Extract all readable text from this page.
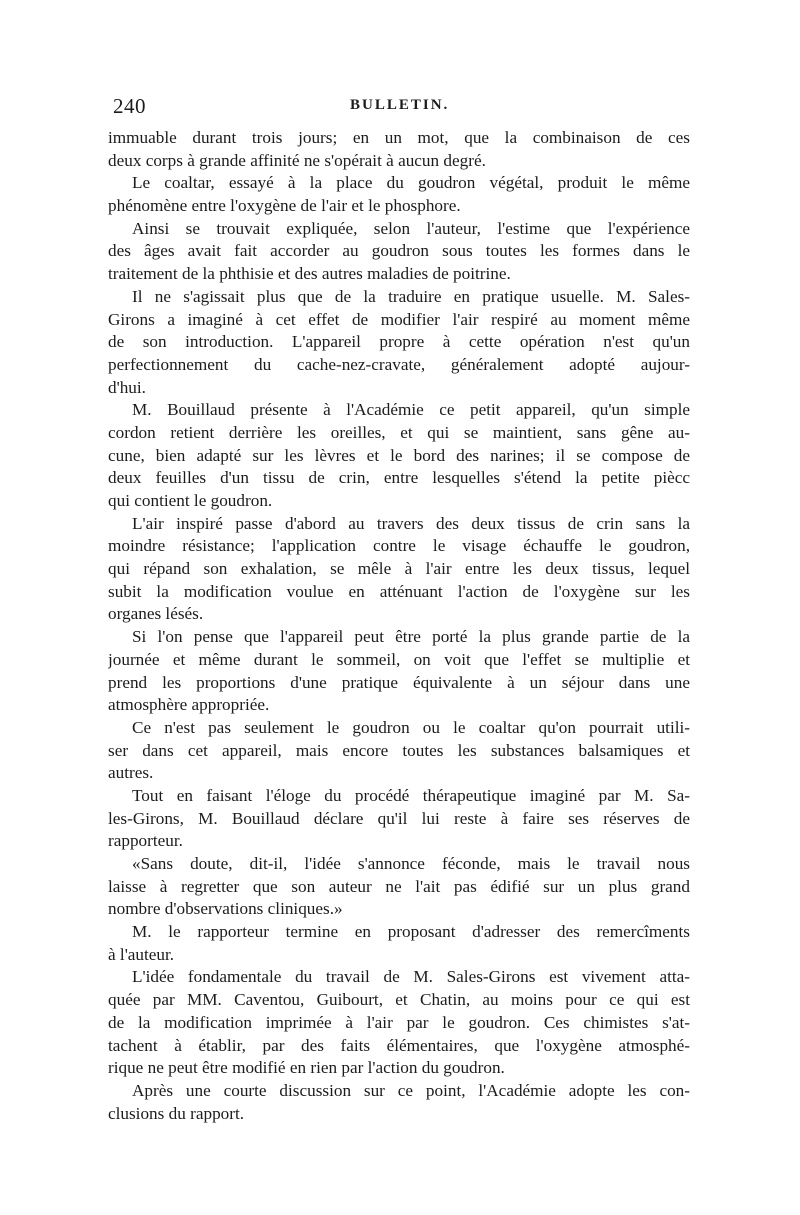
240	BULLETIN.
immuable durant trois jours; en un mot, que la combinaison de ces
deux corps à grande affinité ne s'opérait à aucun degré.
Le coaltar, essayé à la place du goudron végétal, produit le même
phénomène entre l'oxygène de l'air et le phosphore.
Ainsi se trouvait expliquée, selon l'auteur, l'estime que l'expérience
des âges avait fait accorder au goudron sous toutes les formes dans le
traitement de la phthisie et des autres maladies de poitrine.
Il ne s'agissait plus que de la traduire en pratique usuelle. M. Sales-
Girons a imaginé à cet effet de modifier l'air respiré au moment même
de son introduction. L'appareil propre à cette opération n'est qu'un
perfectionnement du cache-nez-cravate, généralement adopté aujour-
d'hui.
M. Bouillaud présente à l'Académie ce petit appareil, qu'un simple
cordon retient derrière les oreilles, et qui se maintient, sans gêne au-
cune, bien adapté sur les lèvres et le bord des narines; il se compose de
deux feuilles d'un tissu de crin, entre lesquelles s'étend la petite piècc
qui contient le goudron.
L'air inspiré passe d'abord au travers des deux tissus de crin sans la
moindre résistance; l'application contre le visage échauffe le goudron,
qui répand son exhalation, se mêle à l'air entre les deux tissus, lequel
subit la modification voulue en atténuant l'action de l'oxygène sur les
organes lésés.
Si l'on pense que l'appareil peut être porté la plus grande partie de la
journée et même durant le sommeil, on voit que l'effet se multiplie et
prend les proportions d'une pratique équivalente à un séjour dans une
atmosphère appropriée.
Ce n'est pas seulement le goudron ou le coaltar qu'on pourrait utili-
ser dans cet appareil, mais encore toutes les substances balsamiques et
autres.
Tout en faisant l'éloge du procédé thérapeutique imaginé par M. Sa-
les-Girons, M. Bouillaud déclare qu'il lui reste à faire ses réserves de
rapporteur.
«Sans doute, dit-il, l'idée s'annonce féconde, mais le travail nous
laisse à regretter que son auteur ne l'ait pas édifié sur un plus grand
nombre d'observations cliniques.»
M. le rapporteur termine en proposant d'adresser des remercîments
à l'auteur.
L'idée fondamentale du travail de M. Sales-Girons est vivement atta-
quée par MM. Caventou, Guibourt, et Chatin, au moins pour ce qui est
de la modification imprimée à l'air par le goudron. Ces chimistes s'at-
tachent à établir, par des faits élémentaires, que l'oxygène atmosphé-
rique ne peut être modifié en rien par l'action du goudron.
Après une courte discussion sur ce point, l'Académie adopte les con-
clusions du rapport.
